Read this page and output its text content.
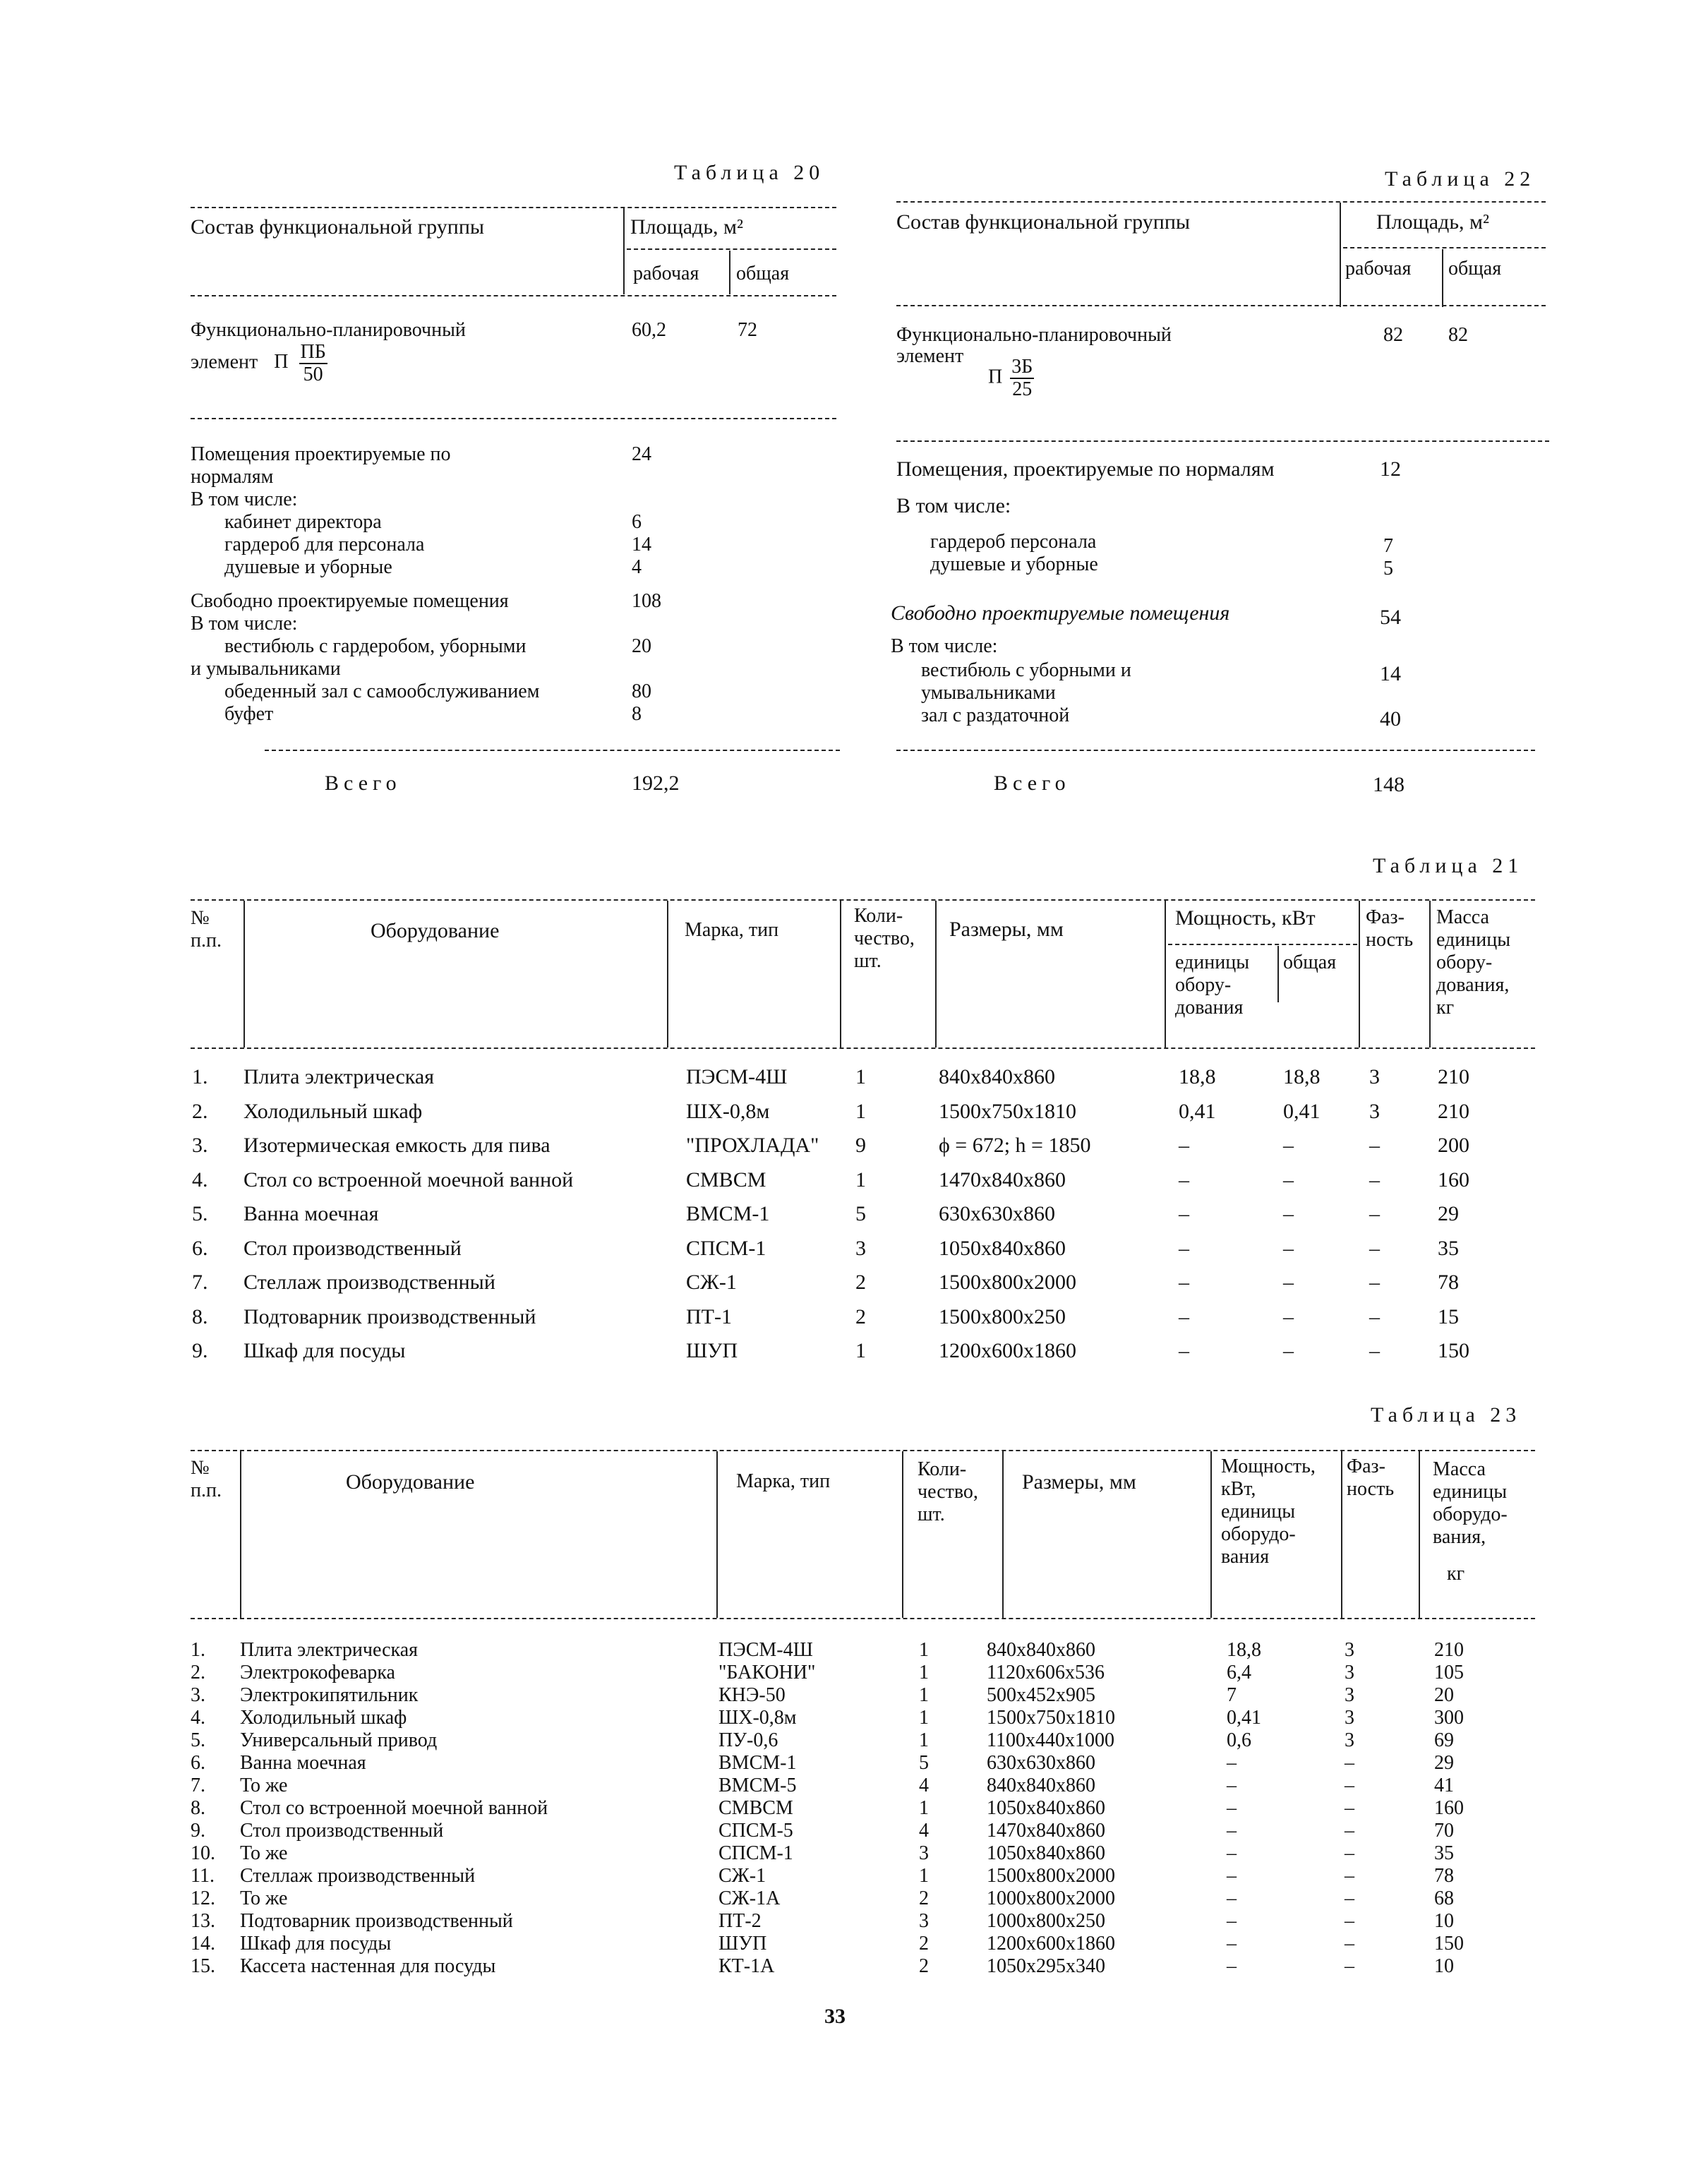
Таблица 20
Состав функциональной группы	Площадь, м²
рабочая общая
Функционально-планировочный
элемент П $\frac{ПБ}{50}$
60,2	72
Помещения проектируемые по
нормалям
24
В том числе:
кабинет директора	6
гардероб для персонала	14
душевые и уборные	4
Свободно проектируемые помещения	108
В том числе:
вестибюль с гардеробом, уборными
и умывальниками
20
обеденный зал с самообслуживанием	80
буфет	8
Всего	192,2
Таблица 22
Состав функциональной группы	Площадь, м²
рабочая общая
Функционально-планировочный
элемент
П $\frac{3Б}{25}$
82 82
Помещения, проектируемые по нормалям	12
В том числе:
гардероб персонала	7
душевые и уборные	5
Свободно проектируемые помещения	54
В том числе:
вестибюль с уборными и
умывальниками
14
зал с раздаточной	40
Всего	148
Таблица 21
№
п.п.	Оборудование	Марка, тип
Коли-
чество,
шт.
Размеры, мм	Мощность, кВт
единицы
обору-
дования
общая
Фаз-
ность
Масса
единицы
обору-
дования,
кг
1. Плита электрическая	ПЭСМ-4Ш	1	840x840x860	18,8	18,8 3	210
2. Холодильный шкаф	ШХ-0,8м	1	1500x750x1810	0,41	0,41 3	210
3. Изотермическая емкость для пива	"ПРОХЛАДА" 9	ϕ = 672; h = 1850	–	–	–	200
4. Стол со встроенной моечной ванной	СМВСМ	1	1470x840x860	–	–	–	160
5. Ванна моечная	ВМСМ-1	5	630x630x860	–	–	–	29
6. Стол производственный	СПСМ-1	3	1050x840x860	–	–	–	35
7. Стеллаж производственный	СЖ-1	2	1500x800x2000	–	–	–	78
8. Подтоварник производственный	ПТ-1	2	1500x800x250	–	–	–	15
9. Шкаф для посуды	ШУП	1	1200x600x1860	–	–	–	150
Таблица 23
№
п.п.	Оборудование	Марка, тип
Коли-
чество,
шт.
Размеры, мм
Мощность,
кВт,
единицы
оборудо-
вания
Фаз-
ность
Масса
единицы
оборудо-
вания,
кг
1. Плита электрическая	ПЭСМ-4Ш	1	840x840x860	18,8	3	210
2. Электрокофеварка	"БАКОНИ"	1	1120x606x536	6,4	3	105
3. Электрокипятильник	КНЭ-50	1	500x452x905	7	3	20
4. Холодильный шкаф	ШХ-0,8м	1	1500x750x1810	0,41	3	300
5. Универсальный привод	ПУ-0,6	1	1100x440x1000	0,6	3	69
6. Ванна моечная	ВМСМ-1	5	630x630x860	–	–	29
7. То же	ВМСМ-5	4	840x840x860	–	–	41
8. Стол со встроенной моечной ванной	СМВСМ	1	1050x840x860	–	–	160
9. Стол производственный	СПСМ-5	4	1470x840x860	–	–	70
10. То же	СПСМ-1	3	1050x840x860	–	–	35
11. Стеллаж производственный	СЖ-1	1	1500x800x2000	–	–	78
12. То же	СЖ-1А	2	1000x800x2000	–	–	68
13. Подтоварник производственный	ПТ-2	3	1000x800x250	–	–	10
14. Шкаф для посуды	ШУП	2	1200x600x1860	–	–	150
15. Кассета настенная для посуды	КТ-1А	2	1050x295x340	–	–	10
33
